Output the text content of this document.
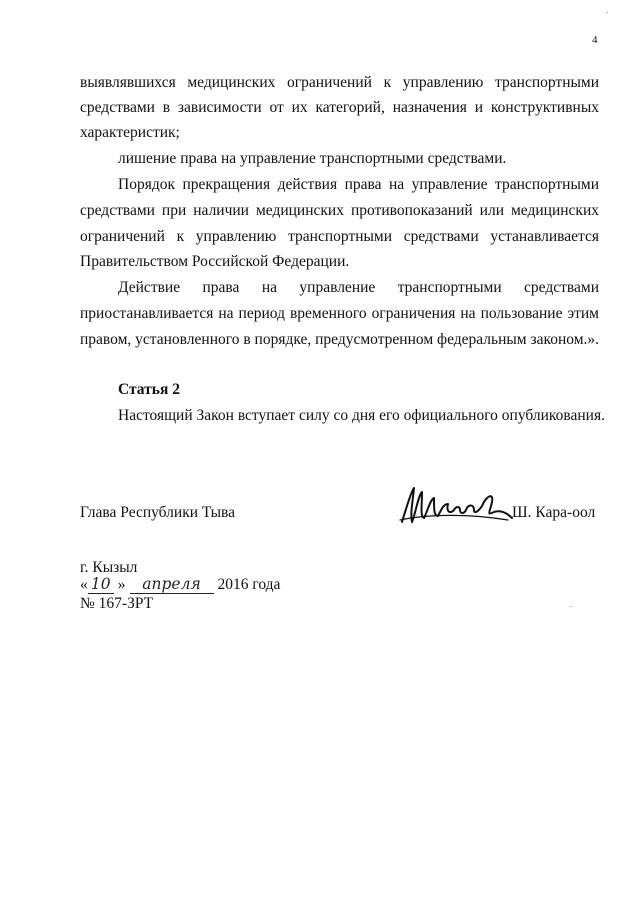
4
выявлявшихся медицинских ограничений к управлению транспортными
средствами в зависимости от их категорий, назначения и конструктивных
характеристик;
лишение права на управление транспортными средствами.
Порядок прекращения действия права на управление транспортными
средствами при наличии медицинских противопоказаний или медицинских
ограничений к управлению транспортными средствами устанавливается
Правительством Российской Федерации.
Действие права на управление транспортными средствами
приостанавливается на период временного ограничения на пользование этим
правом, установленного в порядке, предусмотренном федеральным законом.».
Статья 2
Настоящий Закон вступает силу со дня его официального опубликования.
Глава Республики Тыва	Ш. Кара-оол
г. Кызыл
« 10 » апреля 2016 года
№ 167-ЗРТ
